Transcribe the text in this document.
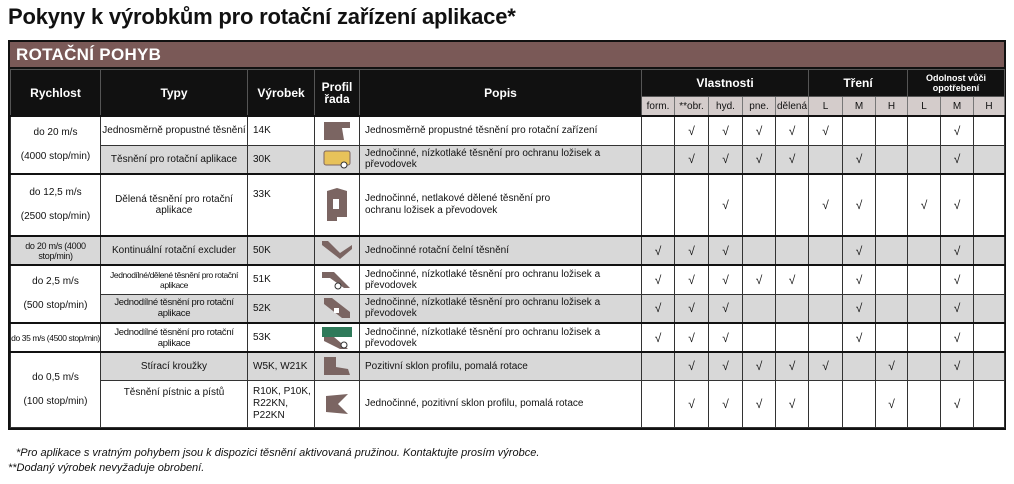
Pokyny k výrobkům pro rotační zařízení aplikace*
ROTAČNÍ POHYB
Rychlost	Typy	Výrobek	Profil
řada	Popis	Vlastnosti					Tření			Odolnost vůči opotřebení		
					form.	**obr.	hyd.	pne.	dělená	L	M	H	L	M	H
do 20 m/s

(4000 stop/min)	Jednosměrně propustné těsnění	14K		Jednosměrně propustné těsnění pro rotační zařízení		√	√	√	√	√				√	
	Těsnění pro rotační aplikace	30K		Jednočinné, nízkotlaké těsnění pro ochranu ložisek a převodovek		√	√	√	√		√			√	
do 12,5 m/s

(2500 stop/min)	Dělená těsnění pro rotační aplikace	33K		Jednočinné, netlakové dělené těsnění pro
ochranu ložisek a převodovek			√			√	√		√	√	
do 20 m/s (4000 stop/min)	Kontinuální rotační excluder	50K		Jednočinné rotační čelní těsnění	√	√	√				√			√	
do 2,5 m/s

(500 stop/min)	Jednodílné/dělené těsnění pro rotační aplikace	51K		Jednočinné, nízkotlaké těsnění pro ochranu ložisek a převodovek	√	√	√	√	√		√			√	
	Jednodílné těsnění pro rotační aplikace	52K		Jednočinné, nízkotlaké těsnění pro ochranu ložisek a převodovek	√	√	√				√			√	
do 35 m/s (4500 stop/min)	Jednodílné těsnění pro rotační aplikace	53K		Jednočinné, nízkotlaké těsnění pro ochranu ložisek a převodovek	√	√	√				√			√	
do 0,5 m/s

(100 stop/min)	Stírací kroužky	W5K, W21K		Pozitivní sklon profilu, pomalá rotace		√	√	√	√	√		√		√	
	Těsnění pístnic a pístů	R10K, P10K,
R22KN, P22KN		Jednočinné, pozitivní sklon profilu, pomalá rotace		√	√	√	√			√		√	
*Pro aplikace s vratným pohybem jsou k dispozici těsnění aktivovaná pružinou. Kontaktujte prosím výrobce.
**Dodaný výrobek nevyžaduje obrobení.
